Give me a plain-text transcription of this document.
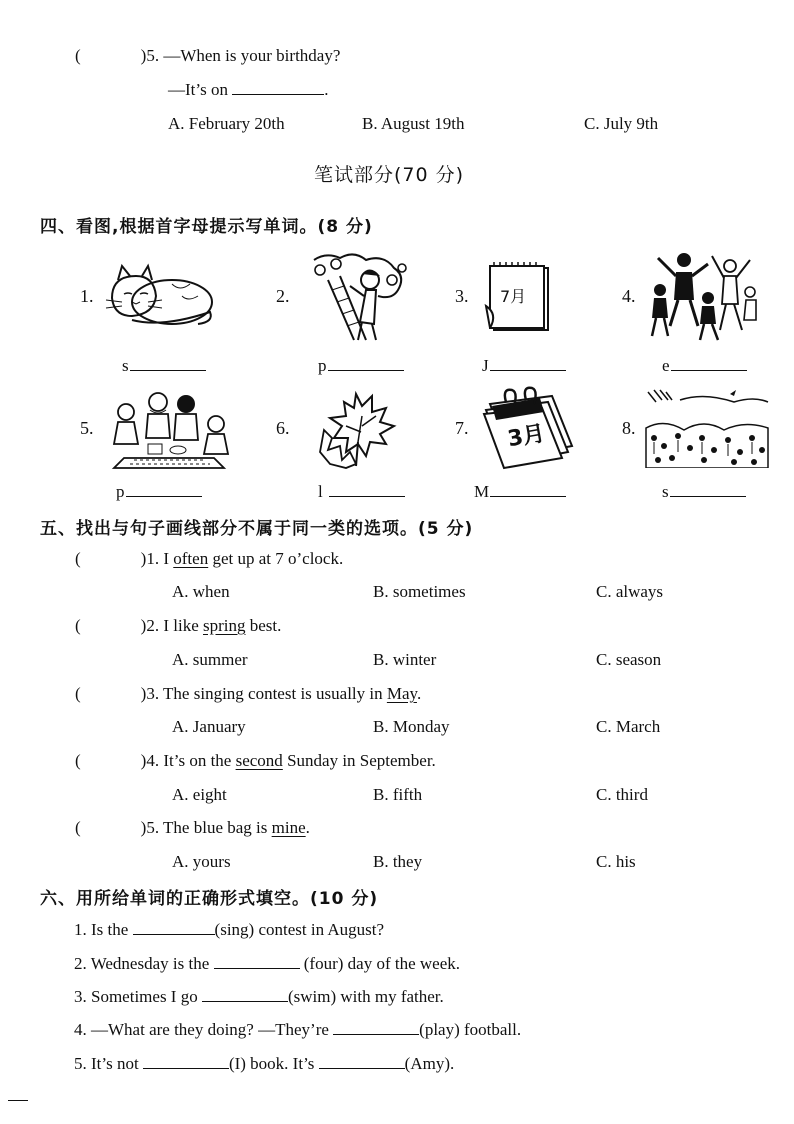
(	)5. —When is your birthday?
—It’s on	.
A. February 20th	B. August 19th	C. July 9th
笔试部分(70 分)
四、看图,根据首字母提示写单词。(8 分)
1.	2.	3.	4.
7月
s	p	J	e
5.	6.	7.	8.
3月
p	l	M	s
五、找出与句子画线部分不属于同一类的选项。(5 分)
(	)1. I often get up at 7 o’clock.
A. when	B. sometimes	C. always
(	)2. I like spring best.
A. summer	B. winter	C. season
(	)3. The singing contest is usually in May.
A. January	B. Monday	C. March
(	)4. It’s on the second Sunday in September.
A. eight	B. fifth	C. third
(	)5. The blue bag is mine.
A. yours	B. they	C. his
六、用所给单词的正确形式填空。(10 分)
1. Is the	(sing) contest in August?
2. Wednesday is the	(four) day of the week.
3. Sometimes I go	(swim) with my father.
4. —What are they doing? —They’re	(play) football.
5. It’s not	(I) book. It’s	(Amy).
